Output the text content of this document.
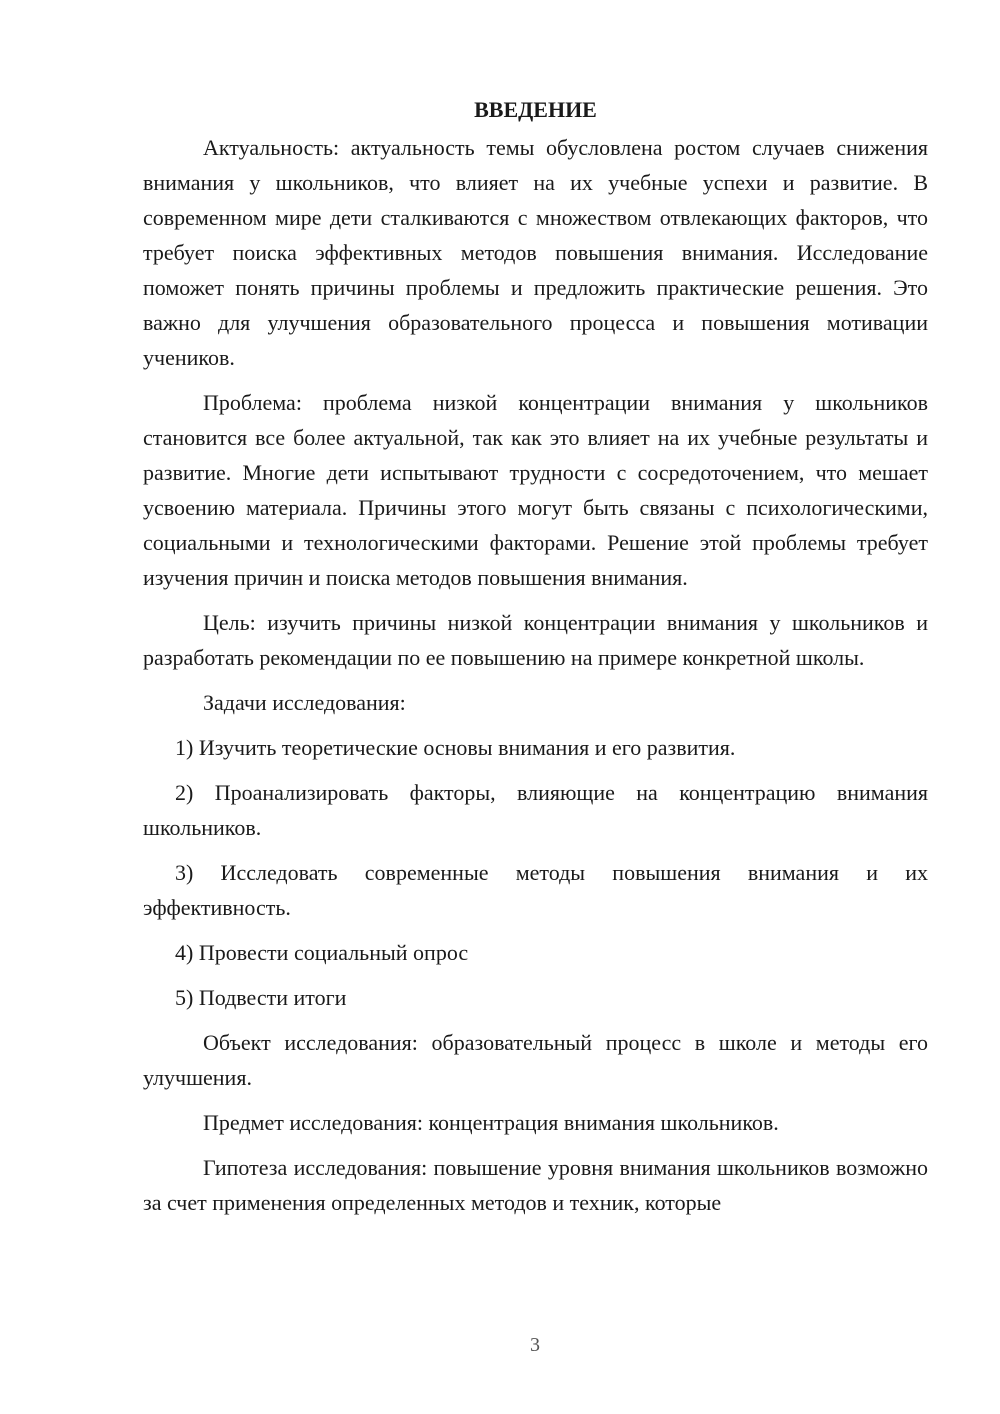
ВВЕДЕНИЕ

Актуальность: актуальность темы обусловлена ростом случаев снижения внимания у школьников, что влияет на их учебные успехи и развитие. В современном мире дети сталкиваются с множеством отвлекающих факторов, что требует поиска эффективных методов повышения внимания. Исследование поможет понять причины проблемы и предложить практические решения. Это важно для улучшения образовательного процесса и повышения мотивации учеников.

Проблема: проблема низкой концентрации внимания у школьников становится все более актуальной, так как это влияет на их учебные результаты и развитие. Многие дети испытывают трудности с сосредоточением, что мешает усвоению материала. Причины этого могут быть связаны с психологическими, социальными и технологическими факторами. Решение этой проблемы требует изучения причин и поиска методов повышения внимания.

Цель: изучить причины низкой концентрации внимания у школьников и разработать рекомендации по ее повышению на примере конкретной школы.

Задачи исследования:

1) Изучить теоретические основы внимания и его развития.

2) Проанализировать факторы, влияющие на концентрацию внимания школьников.

3) Исследовать современные методы повышения внимания и их эффективность.

4) Провести социальный опрос

5) Подвести итоги

Объект исследования: образовательный процесс в школе и методы его улучшения.

Предмет исследования: концентрация внимания школьников.

Гипотеза исследования: повышение уровня внимания школьников возможно за счет применения определенных методов и техник, которые

3
